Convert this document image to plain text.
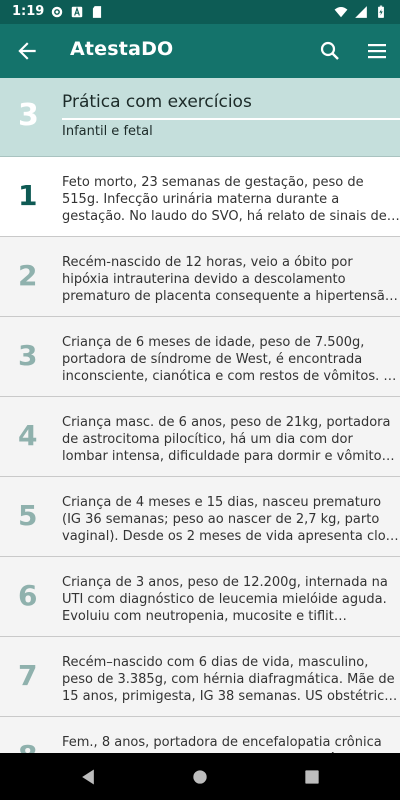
1:19
AtestaDO
3 Prática com exercícios
Infantil e fetal
1	Feto morto, 23 semanas de gestação, peso de 515g. Infecção urinária materna durante a gestação. No laudo do SVO, há relato de sinais de…
2	Recém-nascido de 12 horas, veio a óbito por hipóxia intrauterina devido a descolamento prematuro de placenta consequente a hipertensã…
3	Criança de 6 meses de idade, peso de 7.500g, portadora de síndrome de West, é encontrada inconsciente, cianótica e com restos de vômitos. …
4	Criança masc. de 6 anos, peso de 21kg, portadora de astrocitoma pilocítico, há um dia com dor lombar intensa, dificuldade para dormir e vômito…
5	Criança de 4 meses e 15 dias, nasceu prematuro (IG 36 semanas; peso ao nascer de 2,7 kg, parto vaginal). Desde os 2 meses de vida apresenta clo…
6	Criança de 3 anos, peso de 12.200g, internada na UTI com diagnóstico de leucemia mielóide aguda. Evoluiu com neutropenia, mucosite e tiflit…
7	Recém–nascido com 6 dias de vida, masculino, peso de 3.385g, com hérnia diafragmática. Mãe de 15 anos, primigesta, IG 38 semanas. US obstétric…
Fem., 8 anos, portadora de encefalopatia crônica
